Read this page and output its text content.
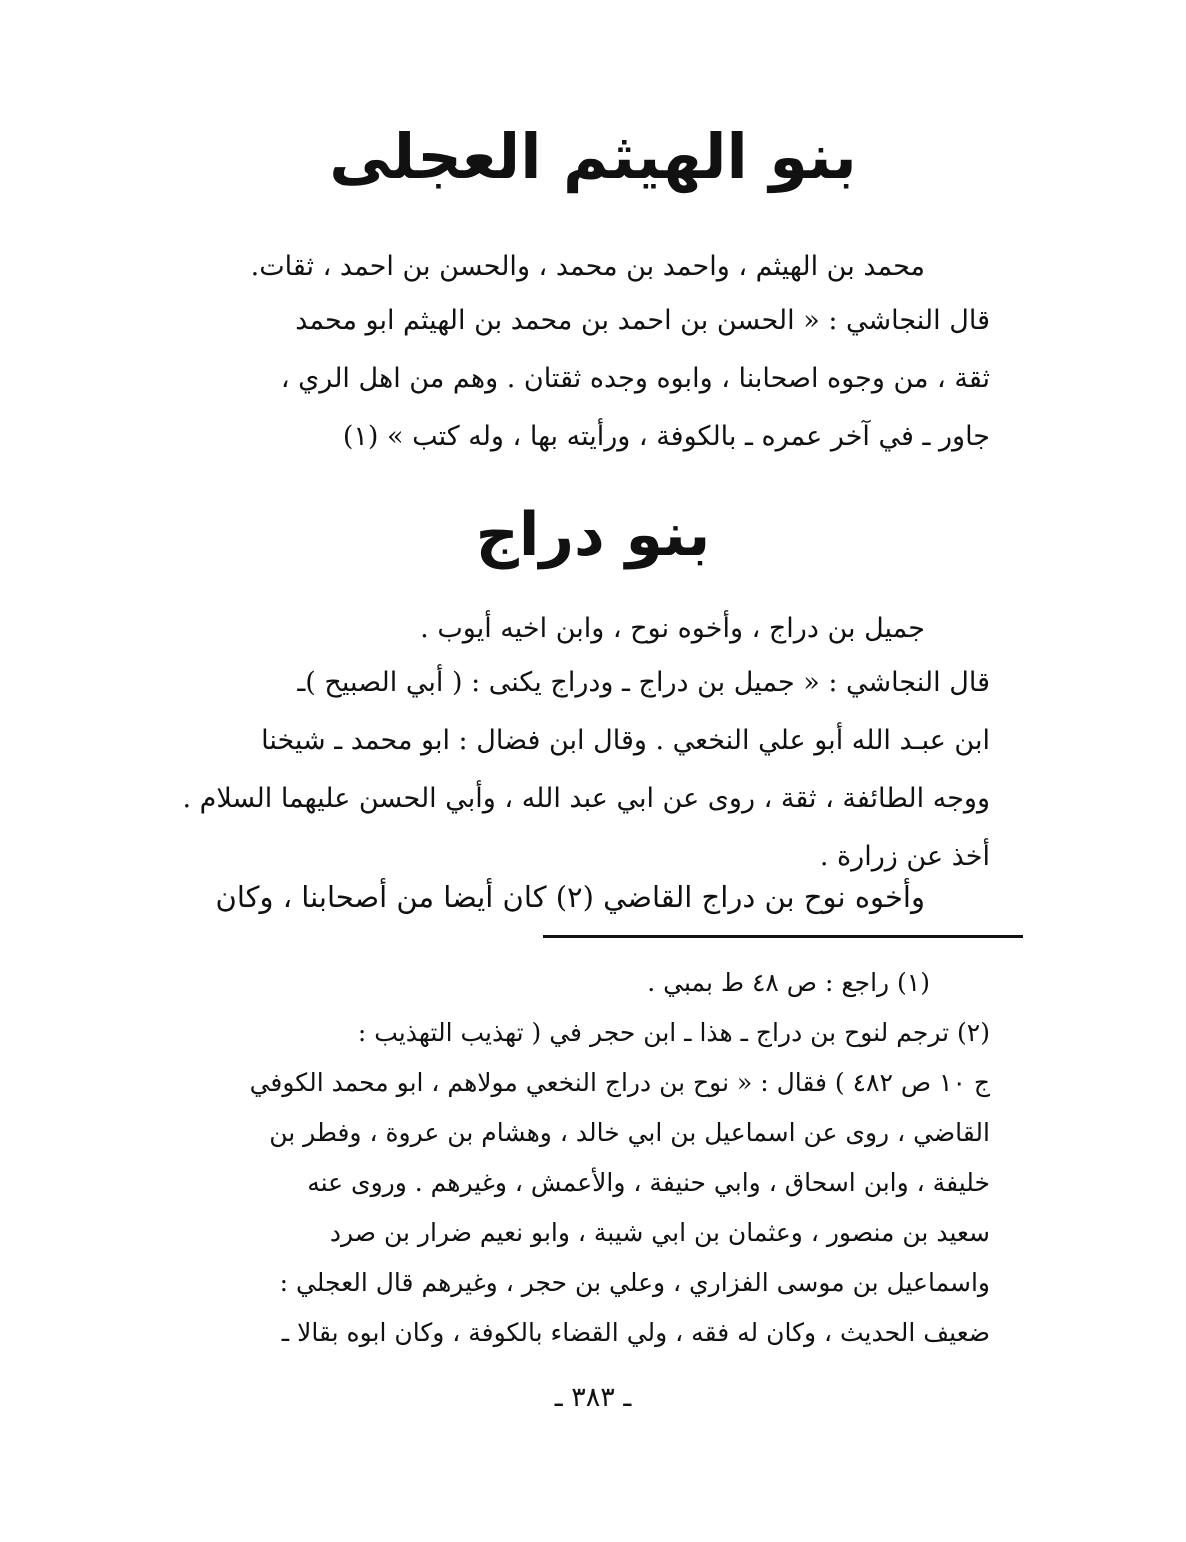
بنو الهيثم العجلى

محمد بن الهيثم ، واحمد بن محمد ، والحسن بن احمد ، ثقات.

قال النجاشي : « الحسن بن احمد بن محمد بن الهيثم ابو محمد
ثقة ، من وجوه اصحابنا ، وابوه وجده ثقتان . وهم من اهل الري ،
جاور ـ في آخر عمره ـ بالكوفة ، ورأيته بها ، وله كتب » (١)

بنو دراج

جميل بن دراج ، وأخوه نوح ، وابن اخيه أيوب .

قال النجاشي : « جميل بن دراج ـ ودراج يكنى : ( أبي الصبيح )ـ
ابن عبـد الله أبو علي النخعي . وقال ابن فضال : ابو محمد ـ شيخنا
ووجه الطائفة ، ثقة ، روى عن ابي عبد الله ، وأبي الحسن عليهما السلام .
أخذ عن زرارة .

وأخوه نوح بن دراج القاضي (٢) كان أيضا من أصحابنا ، وكان

(١) راجع : ص ٤٨ ط بمبي .

(٢) ترجم لنوح بن دراج ـ هذا ـ ابن حجر في ( تهذيب التهذيب :
ج ١٠ ص ٤٨٢ ) فقال : « نوح بن دراج النخعي مولاهم ، ابو محمد الكوفي
القاضي ، روى عن اسماعيل بن ابي خالد ، وهشام بن عروة ، وفطر بن
خليفة ، وابن اسحاق ، وابي حنيفة ، والأعمش ، وغيرهم . وروى عنه
سعيد بن منصور ، وعثمان بن ابي شيبة ، وابو نعيم ضرار بن صرد
واسماعيل بن موسى الفزاري ، وعلي بن حجر ، وغيرهم قال العجلي :
ضعيف الحديث ، وكان له فقه ، ولي القضاء بالكوفة ، وكان ابوه بقالا ـ

ـ ٣٨٣ ـ
